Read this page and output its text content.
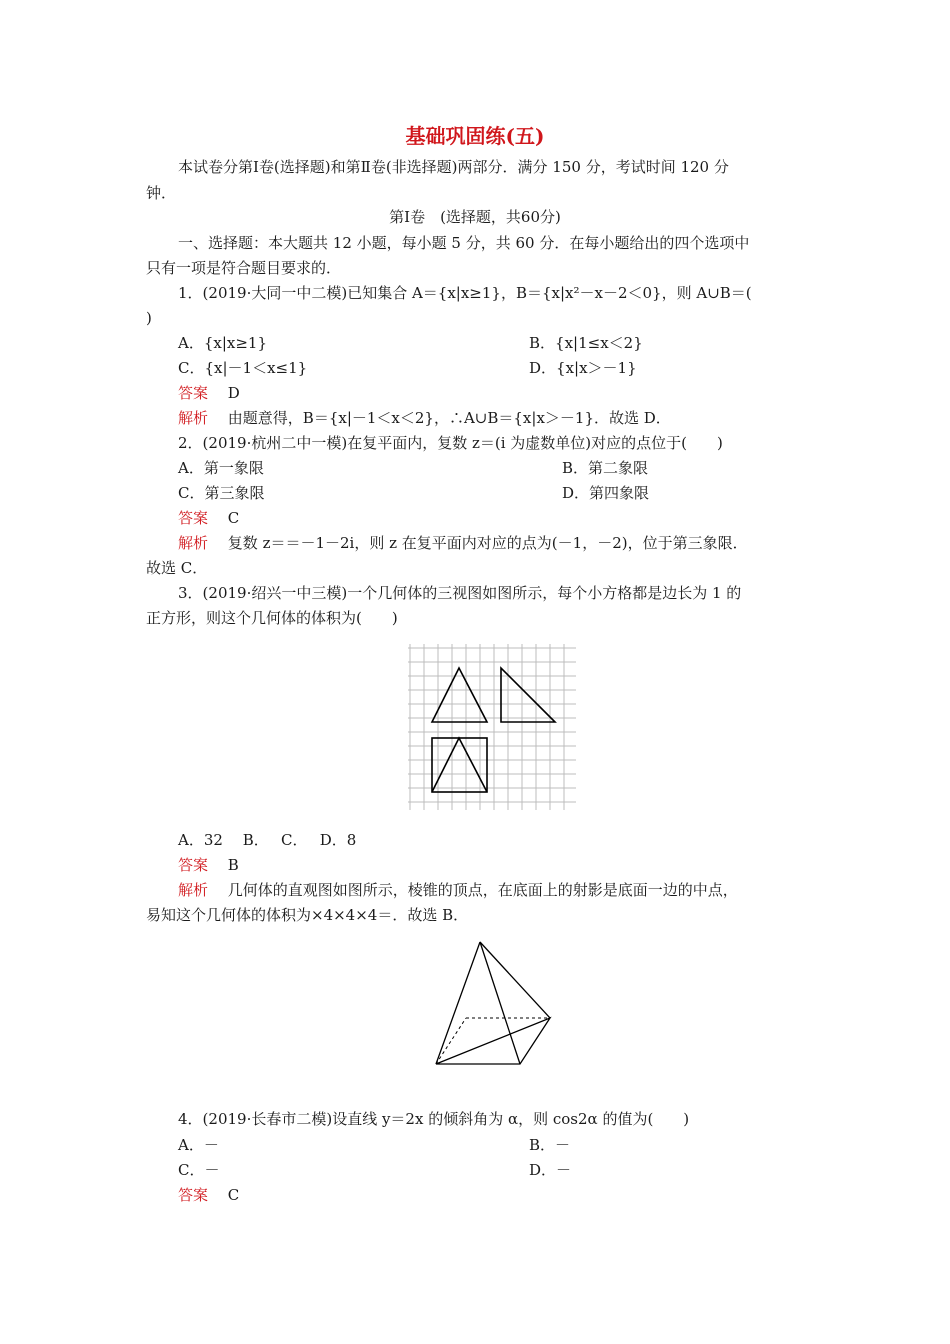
基础巩固练(五)
本试卷分第Ⅰ卷(选择题)和第Ⅱ卷(非选择题)两部分．满分 150 分，考试时间 120 分
钟．
第Ⅰ卷　(选择题，共60分)
一、选择题：本大题共 12 小题，每小题 5 分，共 60 分．在每小题给出的四个选项中
只有一项是符合题目要求的．
1．(2019·大同一中二模)已知集合 A＝{x|x≥1}，B＝{x|x²－x－2＜0}，则 A∪B＝(
)
A．{x|x≥1}	B．{x|1≤x＜2}
C．{x|－1＜x≤1}	D．{x|x＞－1}
答案　 D
解析　 由题意得，B＝{x|－1＜x＜2}，∴A∪B＝{x|x＞－1}．故选 D．
2．(2019·杭州二中一模)在复平面内，复数 z＝(i 为虚数单位)对应的点位于(　　)
A．第一象限	B．第二象限
C．第三象限	D．第四象限
答案　 C
解析　 复数 z＝＝－1－2i，则 z 在复平面内对应的点为(－1，－2)，位于第三象限．
故选 C．
3．(2019·绍兴一中三模)一个几何体的三视图如图所示，每个小方格都是边长为 1 的
正方形，则这个几何体的体积为(　　)
A．32　 B．　 C．　 D．8
答案　 B
解析　 几何体的直观图如图所示，棱锥的顶点，在底面上的射影是底面一边的中点，
易知这个几何体的体积为×4×4×4＝．故选 B．
4．(2019·长春市二模)设直线 y＝2x 的倾斜角为 α，则 cos2α 的值为(　　)
A．－	B．－
C．－	D．－
答案　 C
